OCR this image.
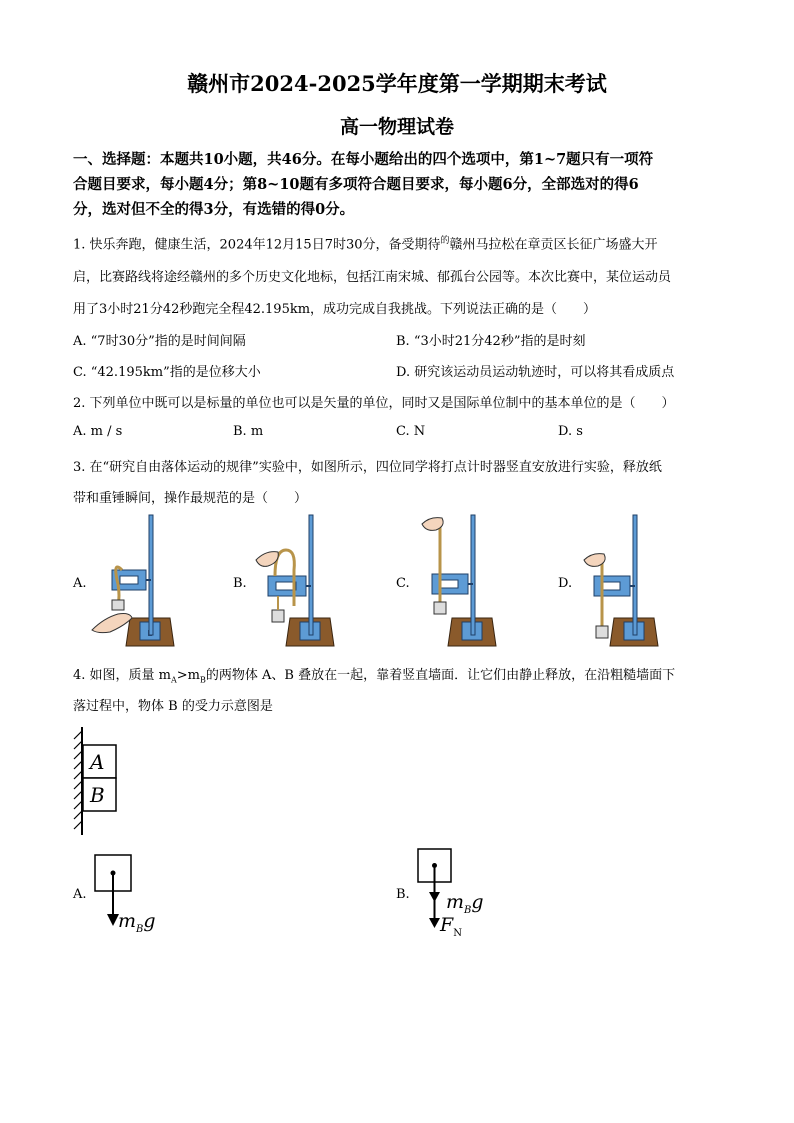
赣州市2024-2025学年度第一学期期末考试
高一物理试卷
一、选择题：本题共10小题，共46分。在每小题给出的四个选项中，第1~7题只有一项符
合题目要求，每小题4分；第8~10题有多项符合题目要求，每小题6分，全部选对的得6
分，选对但不全的得3分，有选错的得0分。
1. 快乐奔跑，健康生活，2024年12月15日7时30分，备受期待$^的$赣州马拉松在章贡区长征广场盛大开
启，比赛路线将途经赣州的多个历史文化地标，包括江南宋城、郁孤台公园等。本次比赛中，某位运动员
用了3小时21分42秒跑完全程42.195km，成功完成自我挑战。下列说法正确的是（　　）
A. “7时30分”指的是时间间隔	B. “3小时21分42秒”指的是时刻
C. “42.195km”指的是位移大小	D. 研究该运动员运动轨迹时，可以将其看成质点
2. 下列单位中既可以是标量的单位也可以是矢量的单位，同时又是国际单位制中的基本单位的是（　　）
A. m / s	B. m	C. N	D. s
3. 在“研究自由落体运动的规律”实验中，如图所示，四位同学将打点计时器竖直安放进行实验，释放纸
带和重锤瞬间，操作最规范的是（　　）
A.	B.	C.	D.
4. 如图，质量 $m_A>m_B$的两物体 A、B 叠放在一起，靠着竖直墙面．让它们由静止释放，在沿粗糙墙面下
落过程中，物体 B 的受力示意图是
A
B
A.
$m_Bg$
B. $m_Bg$
$F_N$
